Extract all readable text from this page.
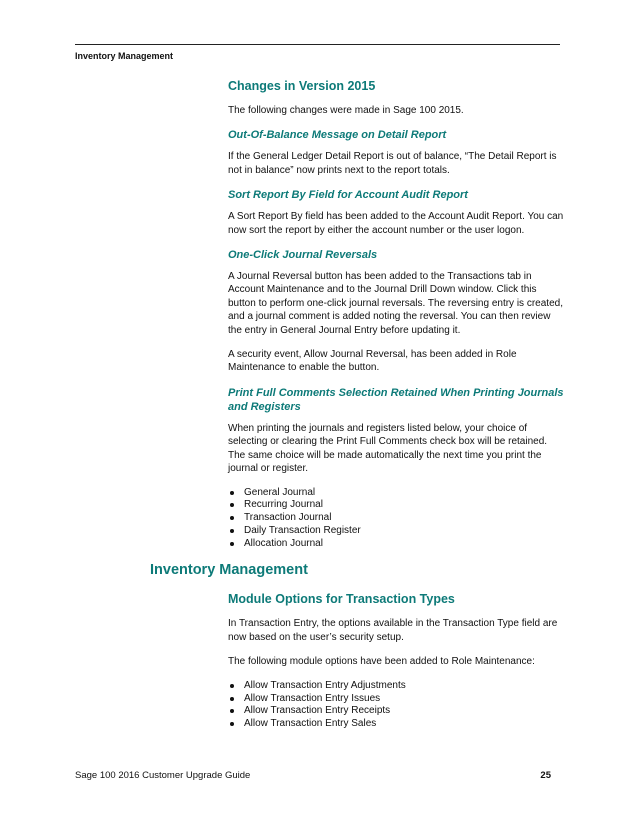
Inventory Management
Changes in Version 2015
The following changes were made in Sage 100 2015.
Out-Of-Balance Message on Detail Report
If the General Ledger Detail Report is out of balance, “The Detail Report is not in balance” now prints next to the report totals.
Sort Report By Field for Account Audit Report
A Sort Report By field has been added to the Account Audit Report. You can now sort the report by either the account number or the user logon.
One-Click Journal Reversals
A Journal Reversal button has been added to the Transactions tab in Account Maintenance and to the Journal Drill Down window. Click this button to perform one-click journal reversals. The reversing entry is created, and a journal comment is added noting the reversal. You can then review the entry in General Journal Entry before updating it.
A security event, Allow Journal Reversal, has been added in Role Maintenance to enable the button.
Print Full Comments Selection Retained When Printing Journals and Registers
When printing the journals and registers listed below, your choice of selecting or clearing the Print Full Comments check box will be retained. The same choice will be made automatically the next time you print the journal or register.
General Journal
Recurring Journal
Transaction Journal
Daily Transaction Register
Allocation Journal
Inventory Management
Module Options for Transaction Types
In Transaction Entry, the options available in the Transaction Type field are now based on the user’s security setup.
The following module options have been added to Role Maintenance:
Allow Transaction Entry Adjustments
Allow Transaction Entry Issues
Allow Transaction Entry Receipts
Allow Transaction Entry Sales
Sage 100 2016 Customer Upgrade Guide	25
